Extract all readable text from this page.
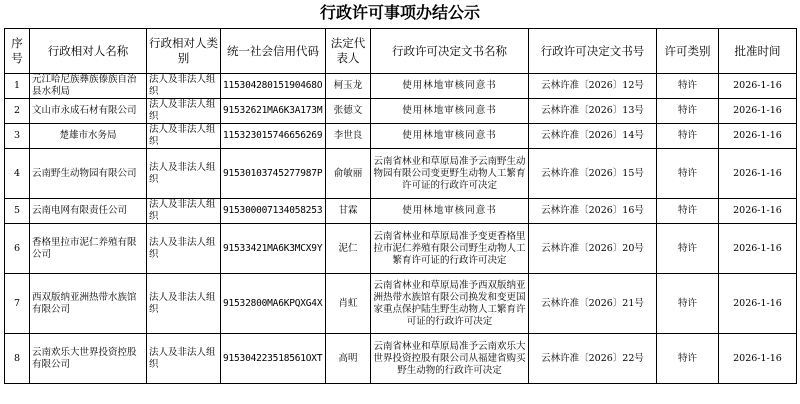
行政许可事项办结公示
序号	行政相对人名称	行政相对人类别	统一社会信用代码	法定代表人	行政许可决定文书名称	行政许可决定文书号	许可类别	批准时间
1	元江哈尼族彝族傣族自治县水利局	法人及非法人组织	11530428015190468O	柯玉龙	使用林地审核同意书	云林许准〔2026〕12号	特许	2026-1-16
2	文山市永成石材有限公司	法人及非法人组织	91532621MA6K3A173M	张德文	使用林地审核同意书	云林许准〔2026〕13号	特许	2026-1-16
3	楚雄市水务局	法人及非法人组织	115323015746656269	李世良	使用林地审核同意书	云林许准〔2026〕14号	特许	2026-1-16
4	云南野生动物园有限公司	法人及非法人组织	91530103745277987P	俞敏丽	云南省林业和草原局准予云南野生动物园有限公司变更野生动物人工繁育许可证的行政许可决定	云林许准〔2026〕15号	特许	2026-1-16
5	云南电网有限责任公司	法人及非法人组织	915300007134058253	甘霖	使用林地审核同意书	云林许准〔2026〕16号	特许	2026-1-16
6	香格里拉市泥仁养殖有限公司	法人及非法人组织	91533421MA6K3MCX9Y	泥仁	云南省林业和草原局准予变更香格里拉市泥仁养殖有限公司野生动物人工繁育许可证的行政许可决定	云林许准〔2026〕20号	特许	2026-1-16
7	西双版纳亚洲热带水族馆有限公司	法人及非法人组织	91532800MA6KPQXG4X	肖虹	云南省林业和草原局准予西双版纳亚洲热带水族馆有限公司换发和变更国家重点保护陆生野生动物人工繁育许可证的行政许可决定	云林许准〔2026〕21号	特许	2026-1-16
8	云南欢乐大世界投资控股有限公司	法人及非法人组织	915304223518561OXT	高明	云南省林业和草原局准予云南欢乐大世界投资控股有限公司从福建省购买野生动物的行政许可决定	云林许准〔2026〕22号	特许	2026-1-16
